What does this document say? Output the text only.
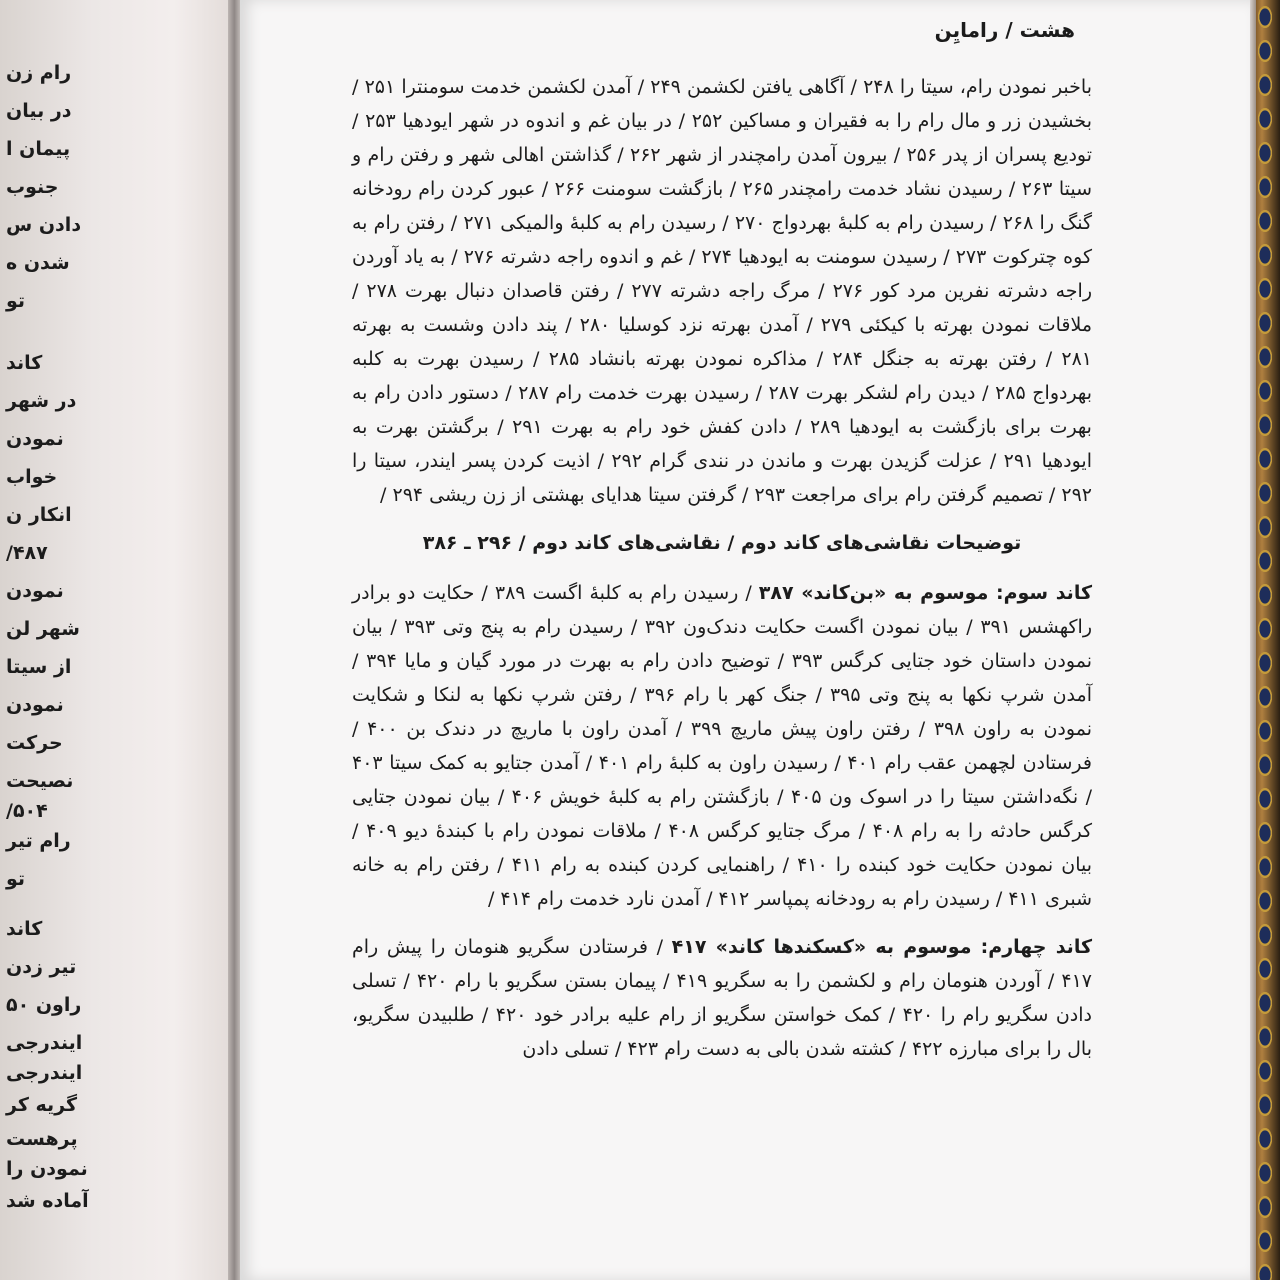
رام زن
در بیان
پیمان ا
جنوب
دادن س
شدن ه
تو
کاند
در شهر
نمودن
خواب
انکار ن
۴۸۷/
نمودن
شهر لن
از سیتا
نمودن
حرکت
نصیحت
۵۰۴/
رام تیر
تو
کاند
تیر زدن
راون ۵۰
ایندرجی
ایندرجی
گریه کر
پرهست
نمودن را
آماده شد
هشت / رامایِن

باخبر نمودن رام، سیتا را ۲۴۸ / آگاهی یافتن لکشمن ۲۴۹ / آمدن لکشمن خدمت سومنترا ۲۵۱ / بخشیدن زر و مال رام را به فقیران و مساکین ۲۵۲ / در بیان غم و اندوه در شهر ایودهیا ۲۵۳ / تودیع پسران از پدر ۲۵۶ / بیرون آمدن رامچندر از شهر ۲۶۲ / گذاشتن اهالی شهر و رفتن رام و سیتا ۲۶۳ / رسیدن نشاد خدمت رامچندر ۲۶۵ / بازگشت سومنت ۲۶۶ / عبور کردن رام رودخانه گنگ را ۲۶۸ / رسیدن رام به کلبهٔ بهردواج ۲۷۰ / رسیدن رام به کلبهٔ والمیکی ۲۷۱ / رفتن رام به کوه چترکوت ۲۷۳ / رسیدن سومنت به ایودهیا ۲۷۴ / غم و اندوه راجه دشرته ۲۷۶ / به یاد آوردن راجه دشرته نفرین مرد کور ۲۷۶ / مرگ راجه دشرته ۲۷۷ / رفتن قاصدان دنبال بهرت ۲۷۸ / ملاقات نمودن بهرته با کیکئی ۲۷۹ / آمدن بهرته نزد کوسلیا ۲۸۰ / پند دادن وشست به بهرته ۲۸۱ / رفتن بهرته به جنگل ۲۸۴ / مذاکره نمودن بهرته بانشاد ۲۸۵ / رسیدن بهرت به کلبه بهردواج ۲۸۵ / دیدن رام لشکر بهرت ۲۸۷ / رسیدن بهرت خدمت رام ۲۸۷ / دستور دادن رام به بهرت برای بازگشت به ایودهیا ۲۸۹ / دادن کفش خود رام به بهرت ۲۹۱ / برگشتن بهرت به ایودهیا ۲۹۱ / عزلت گزیدن بهرت و ماندن در نندی گرام ۲۹۲ / اذیت کردن پسر ایندر، سیتا را ۲۹۲ / تصمیم گرفتن رام برای مراجعت ۲۹۳ / گرفتن سیتا هدایای بهشتی از زن ریشی ۲۹۴ /

توضیحات نقاشی‌های کاند دوم / نقاشی‌های کاند دوم / ۲۹۶ ـ ۳۸۶

کاند سوم: موسوم به «بن‌کاند» ۳۸۷ / رسیدن رام به کلبهٔ اگست ۳۸۹ / حکایت دو برادر راکهشس ۳۹۱ / بیان نمودن اگست حکایت دندک‌ون ۳۹۲ / رسیدن رام به پنج وتی ۳۹۳ / بیان نمودن داستان خود جتایی کرگس ۳۹۳ / توضیح دادن رام به بهرت در مورد گیان و مایا ۳۹۴ / آمدن شرپ نکها به پنج وتی ۳۹۵ / جنگ کهر با رام ۳۹۶ / رفتن شرپ نکها به لنکا و شکایت نمودن به راون ۳۹۸ / رفتن راون پیش ماریچ ۳۹۹ / آمدن راون با ماریچ در دندک بن ۴۰۰ / فرستادن لچهمن عقب رام ۴۰۱ / رسیدن راون به کلبهٔ رام ۴۰۱ / آمدن جتایو به کمک سیتا ۴۰۳ / نگه‌داشتن سیتا را در اسوک ون ۴۰۵ / بازگشتن رام به کلبهٔ خویش ۴۰۶ / بیان نمودن جتایی کرگس حادثه را به رام ۴۰۸ / مرگ جتایو کرگس ۴۰۸ / ملاقات نمودن رام با کبندهٔ دیو ۴۰۹ / بیان نمودن حکایت خود کبنده را ۴۱۰ / راهنمایی کردن کبنده به رام ۴۱۱ / رفتن رام به خانه شبری ۴۱۱ / رسیدن رام به رودخانه پمپاسر ۴۱۲ / آمدن نارد خدمت رام ۴۱۴ /

کاند چهارم: موسوم به «کسکندها کاند» ۴۱۷ / فرستادن سگریو هنومان را پیش رام ۴۱۷ / آوردن هنومان رام و لکشمن را به سگریو ۴۱۹ / پیمان بستن سگریو با رام ۴۲۰ / تسلی دادن سگریو رام را ۴۲۰ / کمک خواستن سگریو از رام علیه برادر خود ۴۲۰ / طلبیدن سگریو، بال را برای مبارزه ۴۲۲ / کشته شدن بالی به دست رام ۴۲۳ / تسلی دادن
